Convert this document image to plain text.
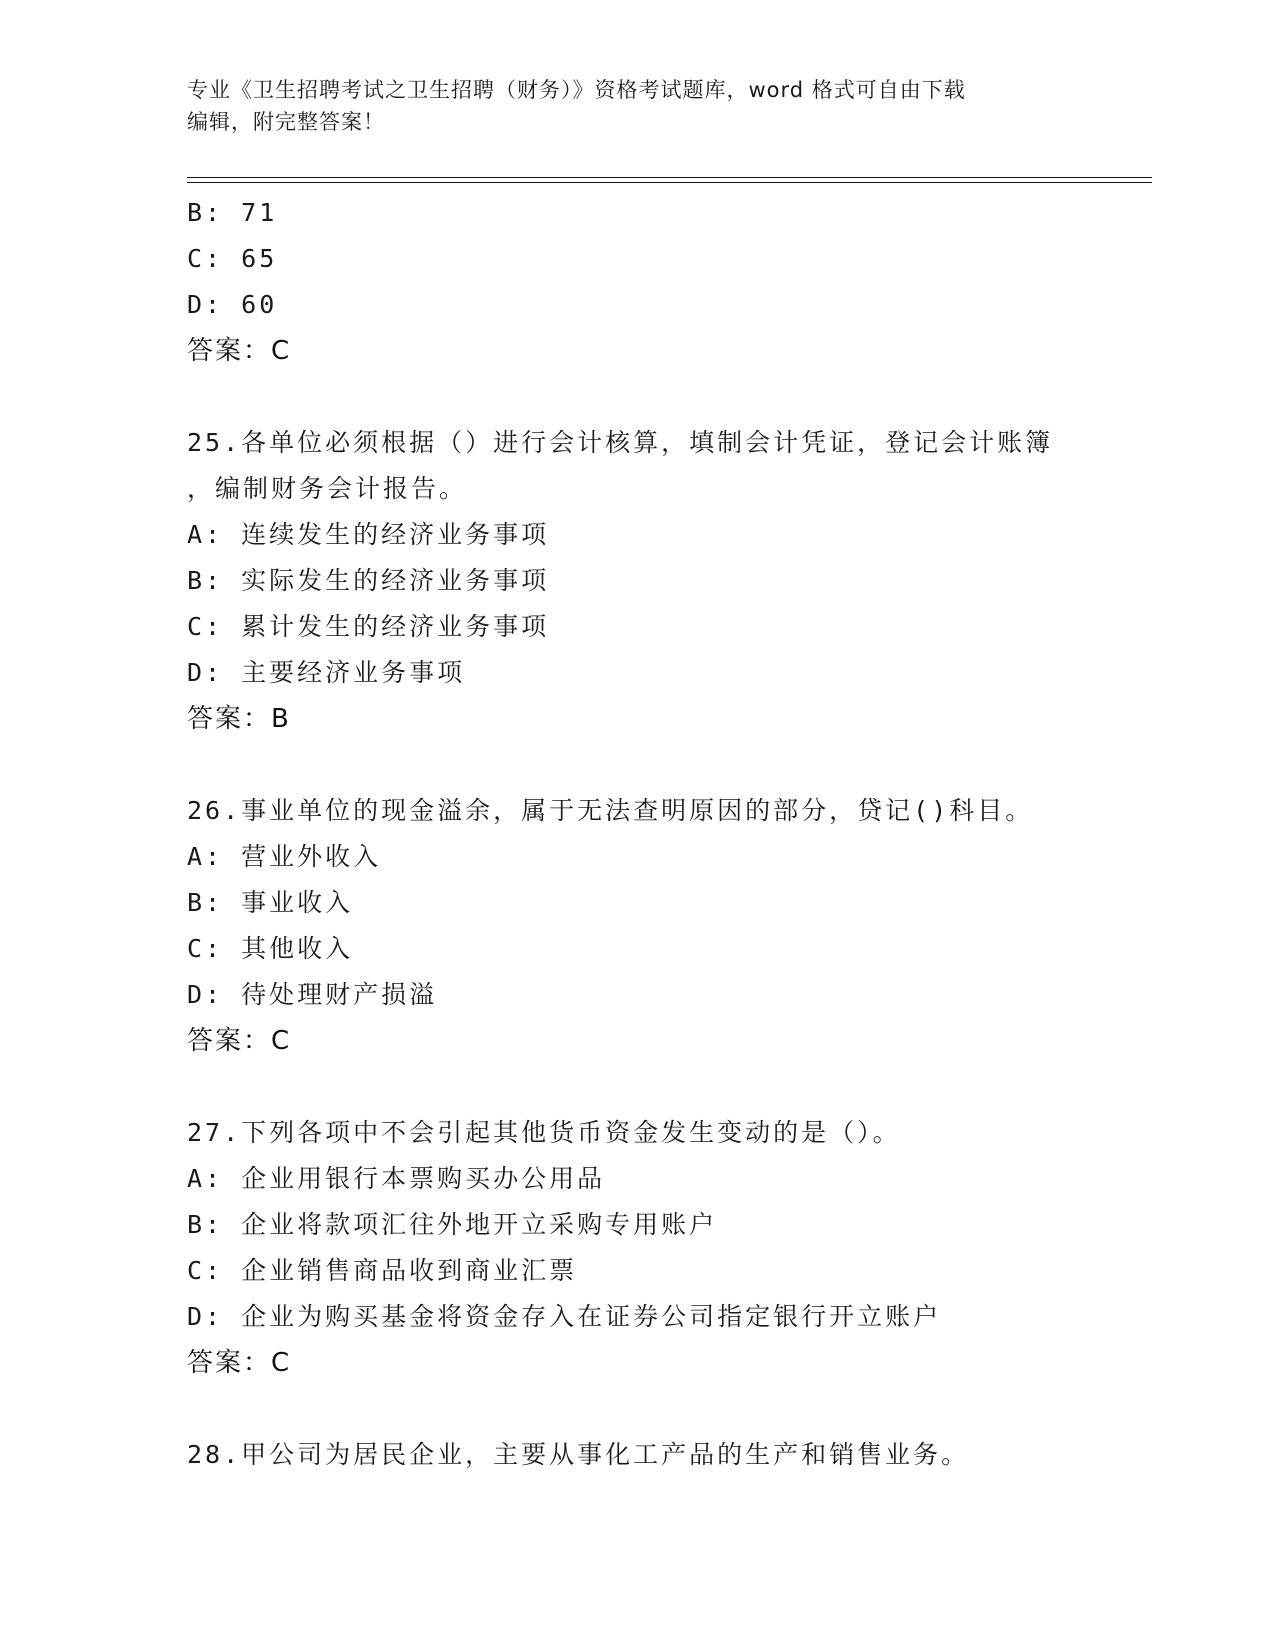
专业《卫生招聘考试之卫生招聘（财务）》资格考试题库，word 格式可自由下载
编辑，附完整答案！
B: 71
C: 65
D: 60
答案：C
25.各单位必须根据（）进行会计核算，填制会计凭证，登记会计账簿
，编制财务会计报告。
A: 连续发生的经济业务事项
B: 实际发生的经济业务事项
C: 累计发生的经济业务事项
D: 主要经济业务事项
答案：B
26.事业单位的现金溢余，属于无法查明原因的部分，贷记()科目。
A: 营业外收入
B: 事业收入
C: 其他收入
D: 待处理财产损溢
答案：C
27.下列各项中不会引起其他货币资金发生变动的是（）。
A: 企业用银行本票购买办公用品
B: 企业将款项汇往外地开立采购专用账户
C: 企业销售商品收到商业汇票
D: 企业为购买基金将资金存入在证券公司指定银行开立账户
答案：C
28.甲公司为居民企业，主要从事化工产品的生产和销售业务。
